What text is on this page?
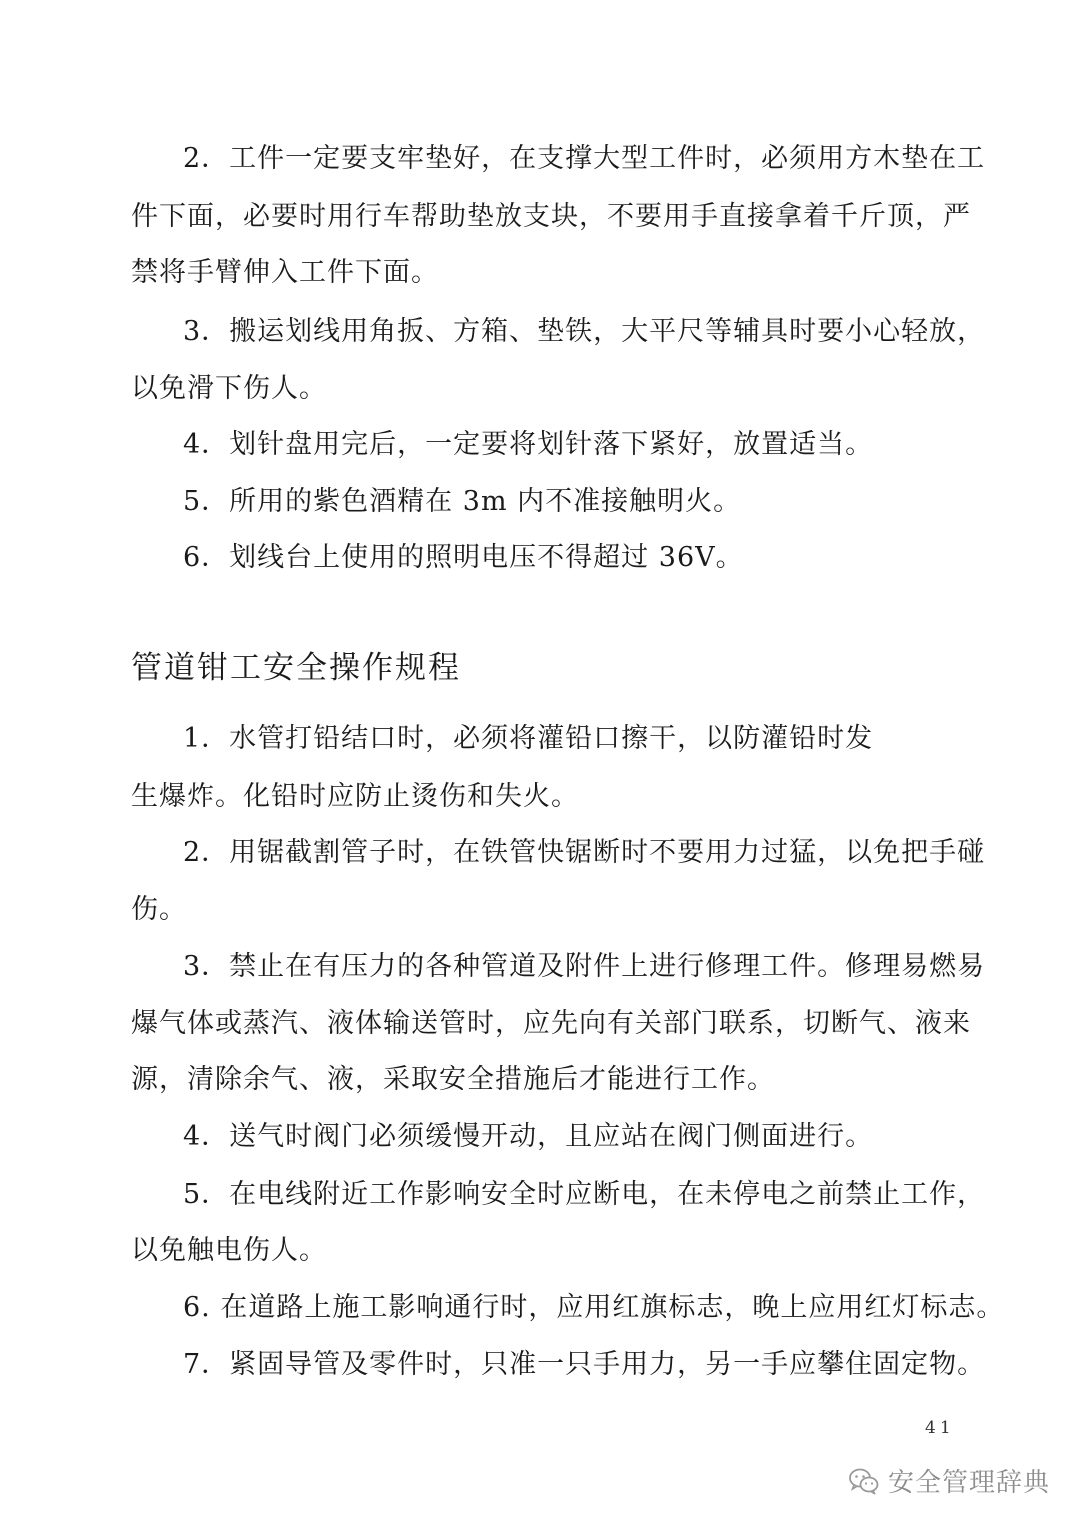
2．工件一定要支牢垫好，在支撑大型工件时，必须用方木垫在工
件下面，必要时用行车帮助垫放支块，不要用手直接拿着千斤顶，严
禁将手臂伸入工件下面。
3．搬运划线用角扳、方箱、垫铁，大平尺等辅具时要小心轻放，
以免滑下伤人。
4．划针盘用完后，一定要将划针落下紧好，放置适当。
5．所用的紫色酒精在 3m 内不准接触明火。
6．划线台上使用的照明电压不得超过 36V。
管道钳工安全操作规程
1．水管打铅结口时，必须将灌铅口擦干，以防灌铅时发
生爆炸。化铅时应防止烫伤和失火。
2．用锯截割管子时，在铁管快锯断时不要用力过猛，以免把手碰
伤。
3．禁止在有压力的各种管道及附件上进行修理工件。修理易燃易
爆气体或蒸汽、液体输送管时，应先向有关部门联系，切断气、液来
源，清除余气、液，采取安全措施后才能进行工作。
4．送气时阀门必须缓慢开动，且应站在阀门侧面进行。
5．在电线附近工作影响安全时应断电，在未停电之前禁止工作，
以免触电伤人。
6. 在道路上施工影响通行时，应用红旗标志，晚上应用红灯标志。
7．紧固导管及零件时，只准一只手用力，另一手应攀住固定物。
41
安全管理辞典
